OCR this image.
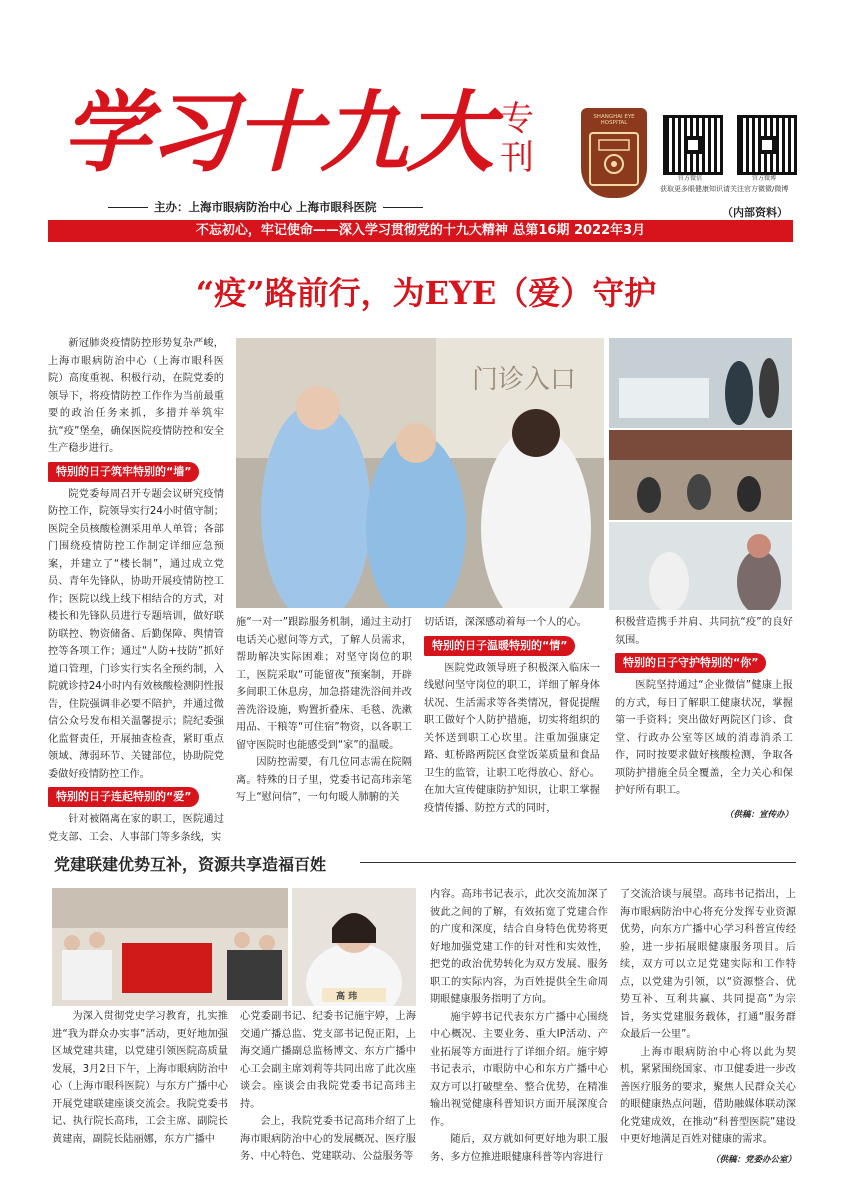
学习十九大 专刊
主办：上海市眼病防治中心 上海市眼科医院
SHANGHAI EYE HOSPITAL
官方微信	官方微博
获取更多眼健康知识请关注官方微微/微博
（内部资料）
不忘初心，牢记使命——深入学习贯彻党的十九大精神 总第16期 2022年3月
“疫”路前行，为EYE（爱）守护

新冠肺炎疫情防控形势复杂严峻，上海市眼病防治中心（上海市眼科医院）高度重视、积极行动，在院党委的领导下，将疫情防控工作作为当前最重要的政治任务来抓，多措并举筑牢抗“疫”堡垒，确保医院疫情防控和安全生产稳步进行。

特别的日子筑牢特别的“墙”

院党委每周召开专题会议研究疫情防控工作，院领导实行24小时值守制；医院全员核酸检测采用单人单管；各部门围绕疫情防控工作制定详细应急预案，并建立了“楼长制”，通过成立党员、青年先锋队，协助开展疫情防控工作；医院以线上线下相结合的方式，对楼长和先锋队员进行专题培训，做好联防联控、物资储备、后勤保障、舆情管控等各项工作；通过“人防+技防”抓好道口管理，门诊实行实名全预约制，入院就诊持24小时内有效核酸检测阴性报告，住院强调非必要不陪护，并通过微信公众号发布相关温馨提示；院纪委强化监督责任，开展抽查检查，紧盯重点领域、薄弱环节、关键部位，协助院党委做好疫情防控工作。

特别的日子连起特别的“爱”

针对被隔离在家的职工，医院通过党支部、工会、人事部门等多条线，实

门诊入口

施“一对一”跟踪服务机制，通过主动打电话关心慰问等方式，了解人员需求，帮助解决实际困难；对坚守岗位的职工，医院采取“可能留夜”预案制，开辟多间职工休息房，加急搭建洗浴间并改善洗浴设施，购置折叠床、毛毯、洗漱用品、干粮等“可住宿”物资，以各职工留守医院时也能感受到“家”的温暖。

因防控需要，有几位同志需在院隔离。特殊的日子里，党委书记高玮亲笔写上“慰问信”，一句句暖人肺腑的关

切话语，深深感动着每一个人的心。

特别的日子温暖特别的“情”

医院党政领导班子积极深入临床一线慰问坚守岗位的职工，详细了解身体状况、生活需求等各类情况，督促提醒职工做好个人防护措施，切实将组织的关怀送到职工心坎里。注重加强康定路、虹桥路两院区食堂饭菜质量和食品卫生的监管，让职工吃得放心、舒心。在加大宣传健康防护知识，让职工掌握疫情传播、防控方式的同时，

积极营造携手并肩、共同抗“疫”的良好氛围。

特别的日子守护特别的“你”

医院坚持通过“企业微信”健康上报的方式，每日了解职工健康状况，掌握第一手资料；突出做好两院区门诊、食堂、行政办公室等区域的消毒消杀工作，同时按要求做好核酸检测，争取各项防护措施全员全覆盖，全力关心和保护好所有职工。

（供稿：宣传办）
党建联建优势互补，资源共享造福百姓
高 玮

为深入贯彻党史学习教育，扎实推进“我为群众办实事”活动，更好地加强区域党建共建，以党建引领医院高质量发展，3月2日下午，上海市眼病防治中心（上海市眼科医院）与东方广播中心开展党建联建座谈交流会。我院党委书记、执行院长高玮，工会主席、副院长黄建南，副院长陆丽娜，东方广播中

心党委副书记、纪委书记施宇婷，上海交通广播总监、党支部书记倪正阳，上海交通广播副总监杨博文、东方广播中心工会副主席刘莉等共同出席了此次座谈会。座谈会由我院党委书记高玮主持。

会上，我院党委书记高玮介绍了上海市眼病防治中心的发展概况、医疗服务、中心特色、党建联动、公益服务等

内容。高玮书记表示，此次交流加深了彼此之间的了解，有效拓宽了党建合作的广度和深度，结合自身特色优势将更好地加强党建工作的针对性和实效性，把党的政治优势转化为双方发展、服务职工的实际内容，为百姓提供全生命周期眼健康服务指明了方向。

施宇婷书记代表东方广播中心围绕中心概况、主要业务、重大IP活动、产业拓展等方面进行了详细介绍。施宇婷书记表示，市眼防中心和东方广播中心双方可以打破壁垒、整合优势，在精准输出视觉健康科普知识方面开展深度合作。

随后，双方就如何更好地为职工服务、多方位推进眼健康科普等内容进行

了交流洽谈与展望。高玮书记指出，上海市眼病防治中心将充分发挥专业资源优势，向东方广播中心学习科普宣传经验，进一步拓展眼健康服务项目。后续，双方可以立足党建实际和工作特点，以党建为引领，以“资源整合、优势互补、互利共赢、共同提高”为宗旨，务实党建服务载体，打通“服务群众最后一公里”。

上海市眼病防治中心将以此为契机，紧紧围绕国家、市卫健委进一步改善医疗服务的要求，聚焦人民群众关心的眼健康热点问题，借助融媒体联动深化党建成效，在推动“科普型医院”建设中更好地满足百姓对健康的需求。

（供稿：党委办公室）
